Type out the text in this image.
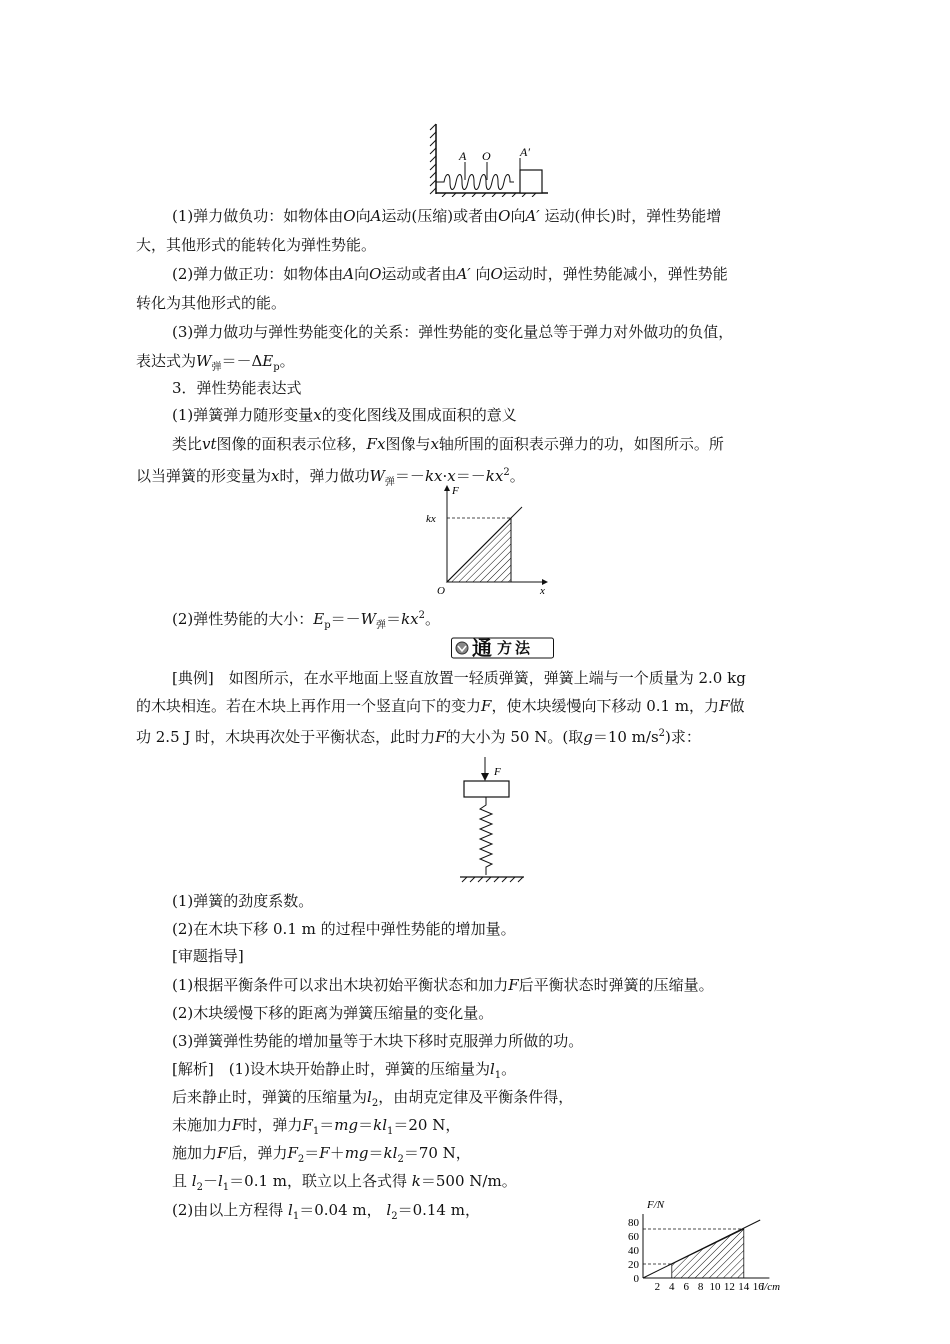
A O A′
(1)弹力做负功：如物体由O向A运动(压缩)或者由O向A′ 运动(伸长)时，弹性势能增
大，其他形式的能转化为弹性势能。
(2)弹力做正功：如物体由A向O运动或者由A′ 向O运动时，弹性势能减小，弹性势能
转化为其他形式的能。
(3)弹力做功与弹性势能变化的关系：弹性势能的变化量总等于弹力对外做功的负值，
表达式为$W_弹=-\Delta E_p$。
3．弹性势能表达式
(1)弹簧弹力随形变量x的变化图线及围成面积的意义
类比vt图像的面积表示位移，Fx图像与x轴所围的面积表示弹力的功，如图所示。所
以当弹簧的形变量为x时，弹力做功$W_弹=-kx\cdot x=-kx^2$。
F
kx
O	x
(2)弹性势能的大小：$E_p=-W_弹=kx^2$。
通 方法
[典例]　如图所示，在水平地面上竖直放置一轻质弹簧，弹簧上端与一个质量为 2.0 kg
的木块相连。若在木块上再作用一个竖直向下的变力F，使木块缓慢向下移动 0.1 m，力F做
功 2.5 J 时，木块再次处于平衡状态，此时力F的大小为 50 N。(取g＝10 $m/s^2$)求：
F
(1)弹簧的劲度系数。
(2)在木块下移 0.1 m 的过程中弹性势能的增加量。
[审题指导]
(1)根据平衡条件可以求出木块初始平衡状态和加力F后平衡状态时弹簧的压缩量。
(2)木块缓慢下移的距离为弹簧压缩量的变化量。
(3)弹簧弹性势能的增加量等于木块下移时克服弹力所做的功。
[解析]　(1)设木块开始静止时，弹簧的压缩量为$l_1$。
后来静止时，弹簧的压缩量为$l_2$，由胡克定律及平衡条件得，
未施加力F时，弹力$F_1=mg=kl_1=20$ N，
施加力F后，弹力$F_2=F+mg=kl_2=70$ N，
且 $l_2-l_1=0.1$ m，联立以上各式得 k＝500 N/m。
(2)由以上方程得 $l_1=0.04$ m， $l_2=0.14$ m，
0
20
40
60
80
2 4 6 8 10 12 14 16
F/N
l/cm
